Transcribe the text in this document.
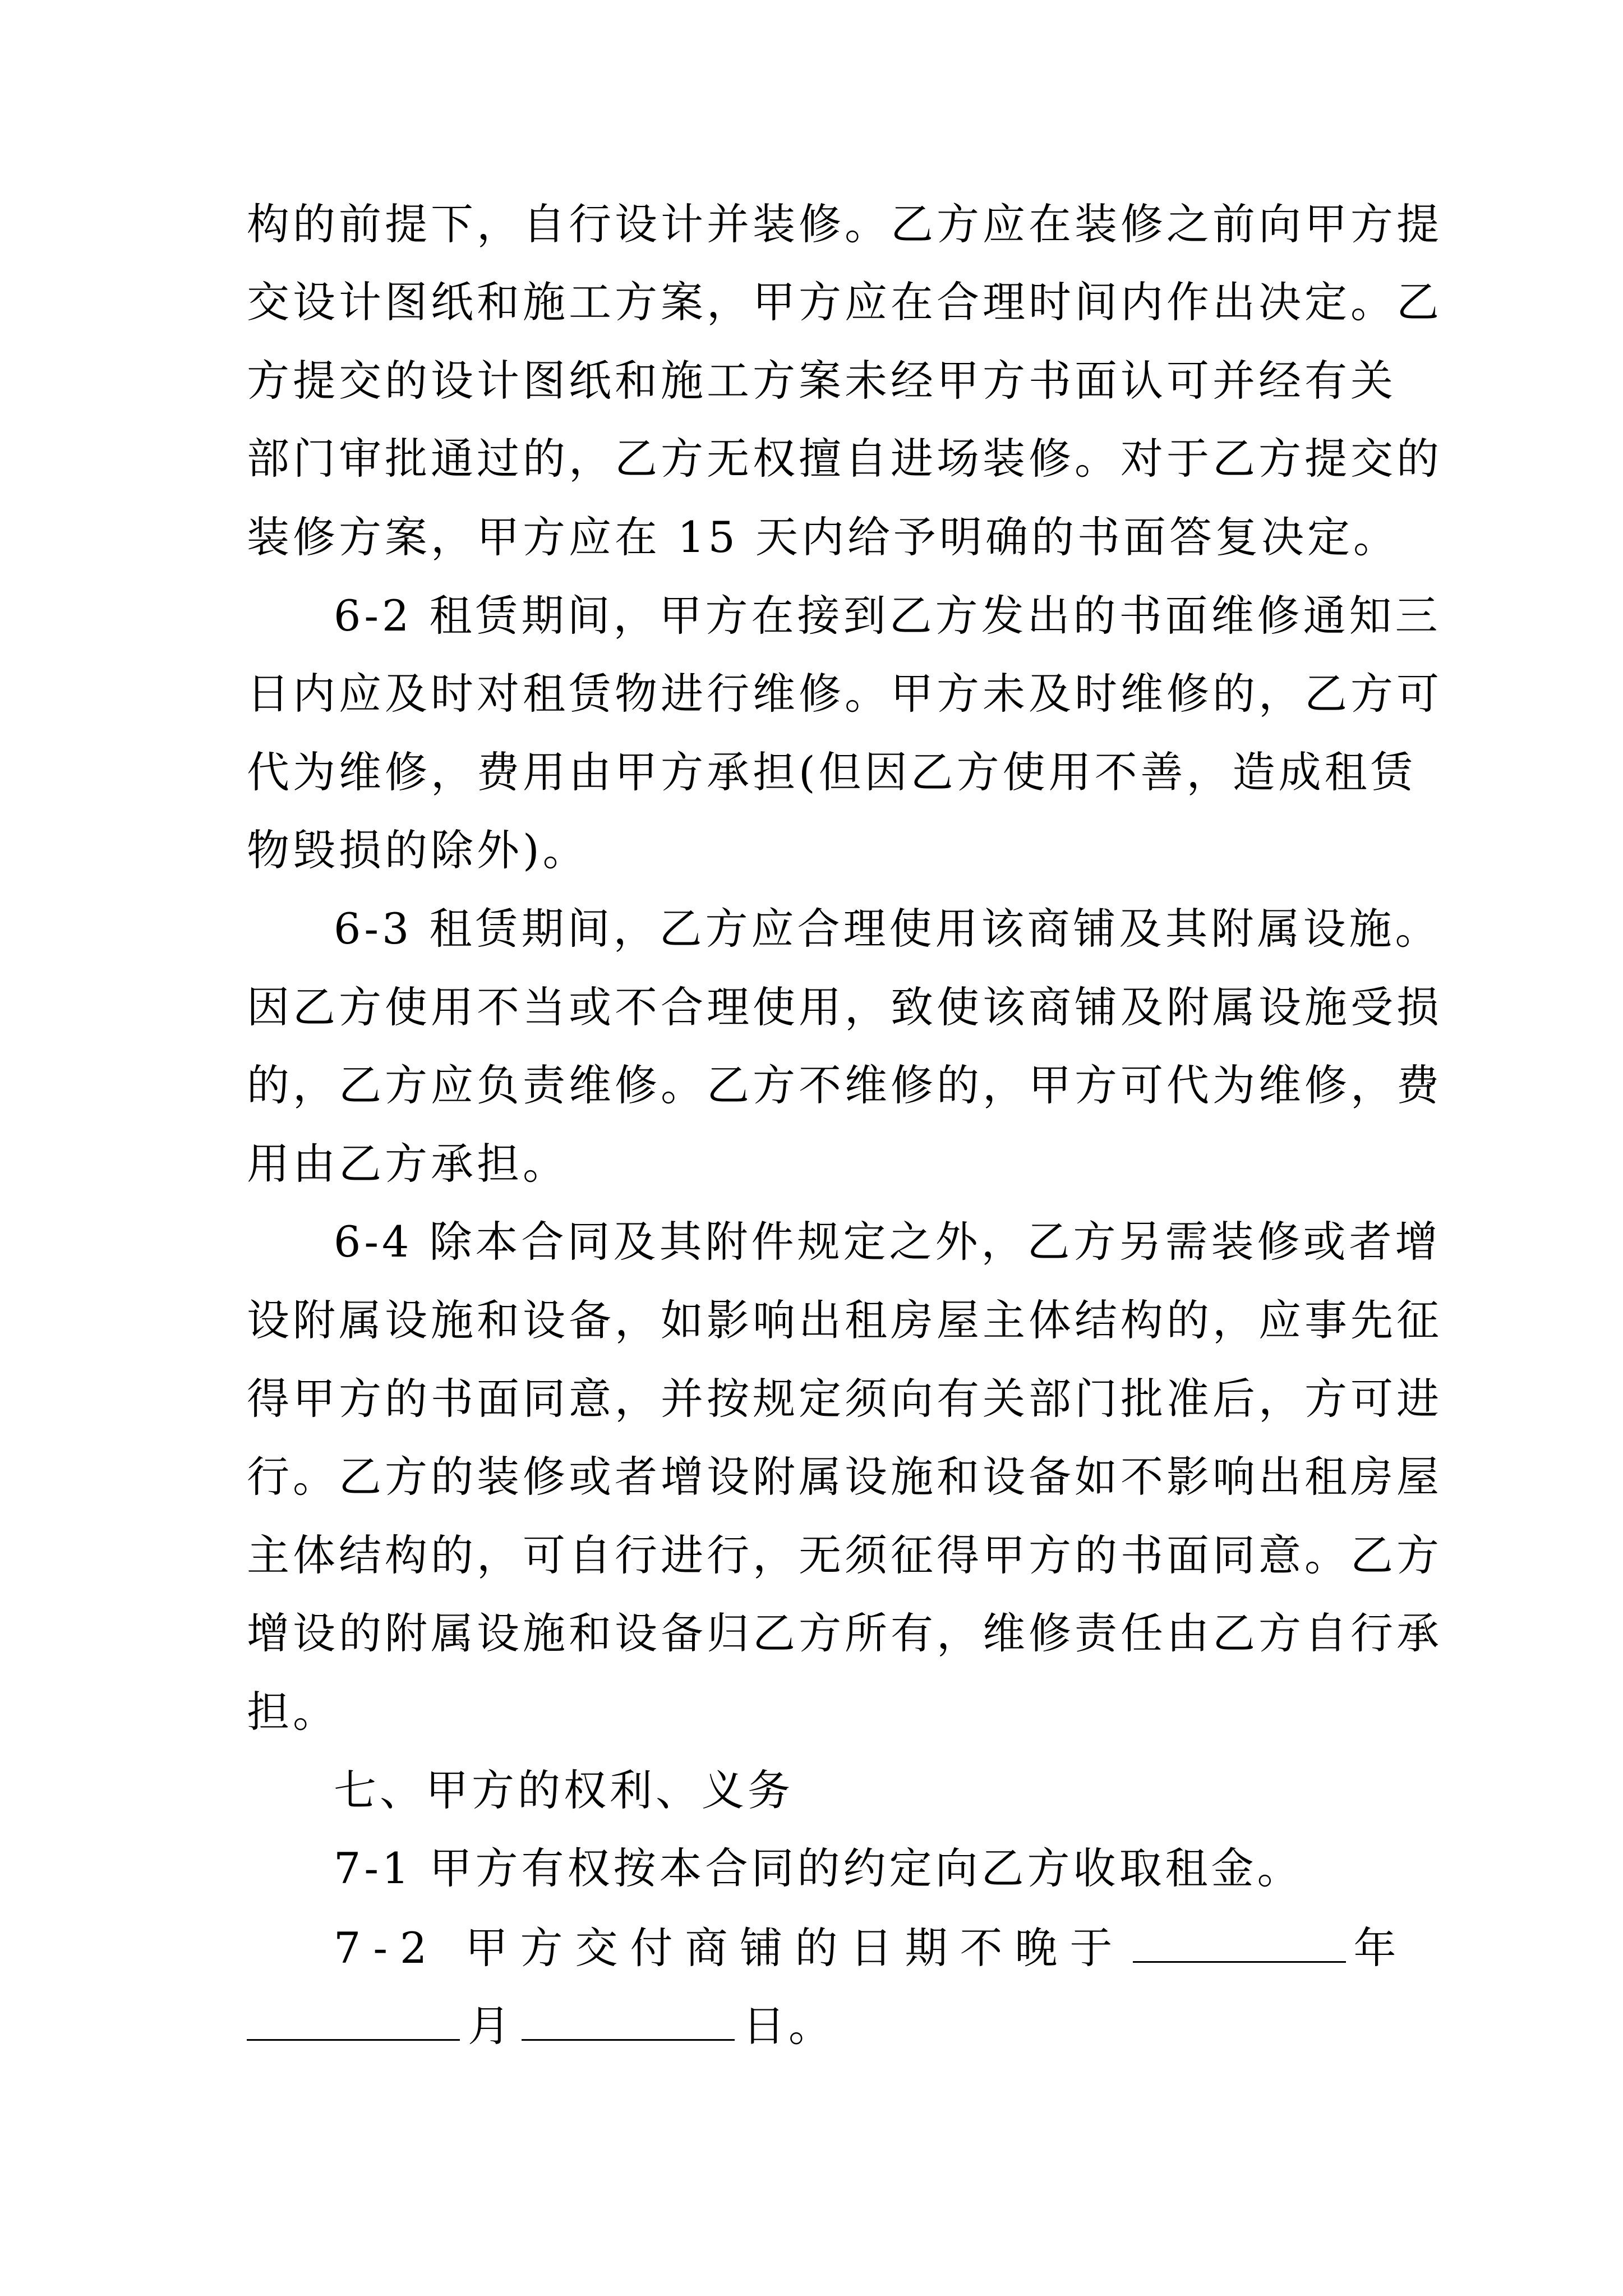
构的前提下，自行设计并装修。乙方应在装修之前向甲方提
交设计图纸和施工方案，甲方应在合理时间内作出决定。乙
方提交的设计图纸和施工方案未经甲方书面认可并经有关
部门审批通过的，乙方无权擅自进场装修。对于乙方提交的
装修方案，甲方应在 15 天内给予明确的书面答复决定。
6-2 租赁期间，甲方在接到乙方发出的书面维修通知三
日内应及时对租赁物进行维修。甲方未及时维修的，乙方可
代为维修，费用由甲方承担(但因乙方使用不善，造成租赁
物毁损的除外)。
6-3 租赁期间，乙方应合理使用该商铺及其附属设施。
因乙方使用不当或不合理使用，致使该商铺及附属设施受损
的，乙方应负责维修。乙方不维修的，甲方可代为维修，费
用由乙方承担。
6-4 除本合同及其附件规定之外，乙方另需装修或者增
设附属设施和设备，如影响出租房屋主体结构的，应事先征
得甲方的书面同意，并按规定须向有关部门批准后，方可进
行。乙方的装修或者增设附属设施和设备如不影响出租房屋
主体结构的，可自行进行，无须征得甲方的书面同意。乙方
增设的附属设施和设备归乙方所有，维修责任由乙方自行承
担。
七、甲方的权利、义务
7-1 甲方有权按本合同的约定向乙方收取租金。
7-2 甲方交付商铺的日期不晚于	年
月	日。
